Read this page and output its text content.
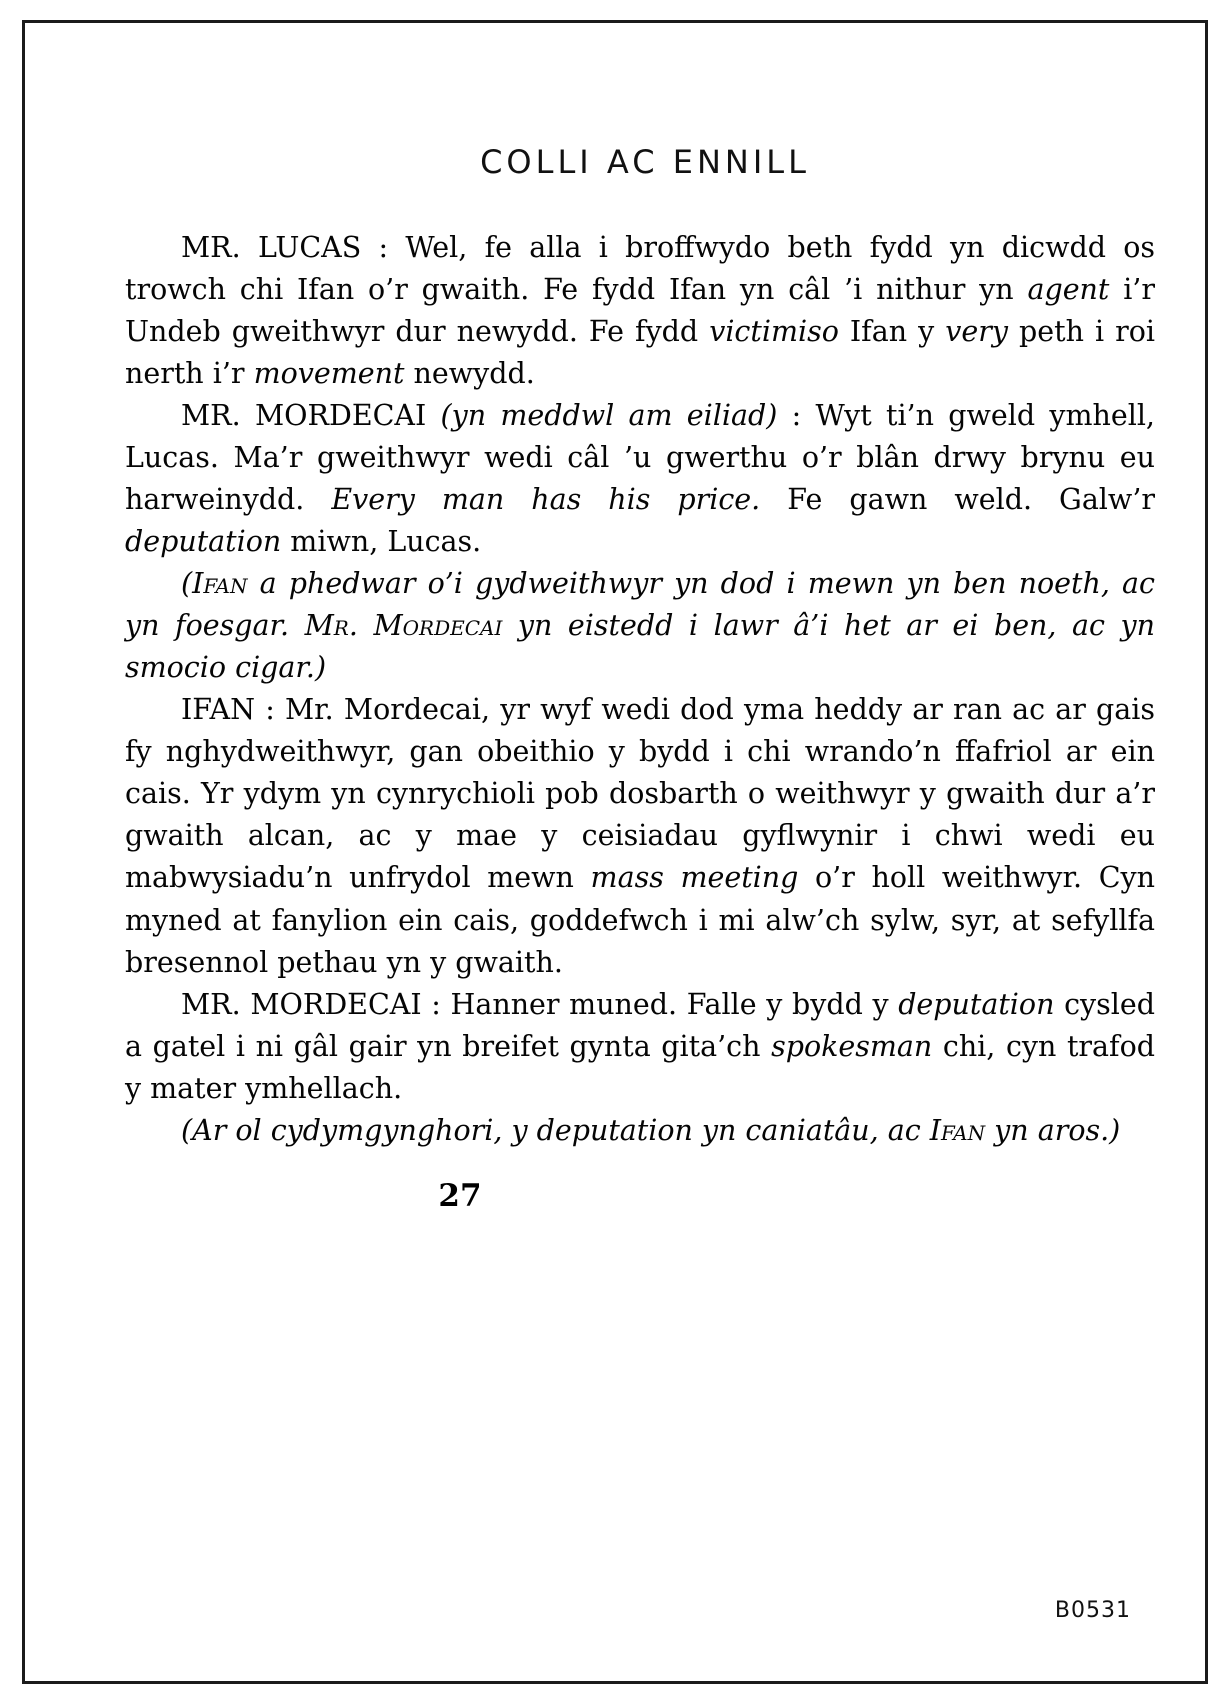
COLLI AC ENNILL

MR. LUCAS : Wel, fe alla i broffwydo beth fydd yn dicwdd os trowch chi Ifan o’r gwaith. Fe fydd Ifan yn câl ’i nithur yn agent i’r Undeb gweithwyr dur newydd. Fe fydd victimiso Ifan y very peth i roi nerth i’r movement newydd.

MR. MORDECAI (yn meddwl am eiliad) : Wyt ti’n gweld ymhell, Lucas. Ma’r gweithwyr wedi câl ’u gwerthu o’r blân drwy brynu eu harweinydd. Every man has his price. Fe gawn weld. Galw’r deputation miwn, Lucas.

(Ifan a phedwar o’i gydweithwyr yn dod i mewn yn ben noeth, ac yn foesgar. Mr. Mordecai yn eistedd i lawr â’i het ar ei ben, ac yn smocio cigar.)

IFAN : Mr. Mordecai, yr wyf wedi dod yma heddy ar ran ac ar gais fy nghydweithwyr, gan obeithio y bydd i chi wrando’n ffafriol ar ein cais. Yr ydym yn cynrychioli pob dosbarth o weithwyr y gwaith dur a’r gwaith alcan, ac y mae y ceisiadau gyflwynir i chwi wedi eu mabwysiadu’n unfrydol mewn mass meeting o’r holl weithwyr. Cyn myned at fanylion ein cais, goddefwch i mi alw’ch sylw, syr, at sefyllfa bresennol pethau yn y gwaith.

MR. MORDECAI : Hanner muned. Falle y bydd y deputation cysled a gatel i ni gâl gair yn breifet gynta gita’ch spokesman chi, cyn trafod y mater ymhellach.

(Ar ol cydymgynghori, y deputation yn caniatâu, ac Ifan yn aros.)

27
B0531
